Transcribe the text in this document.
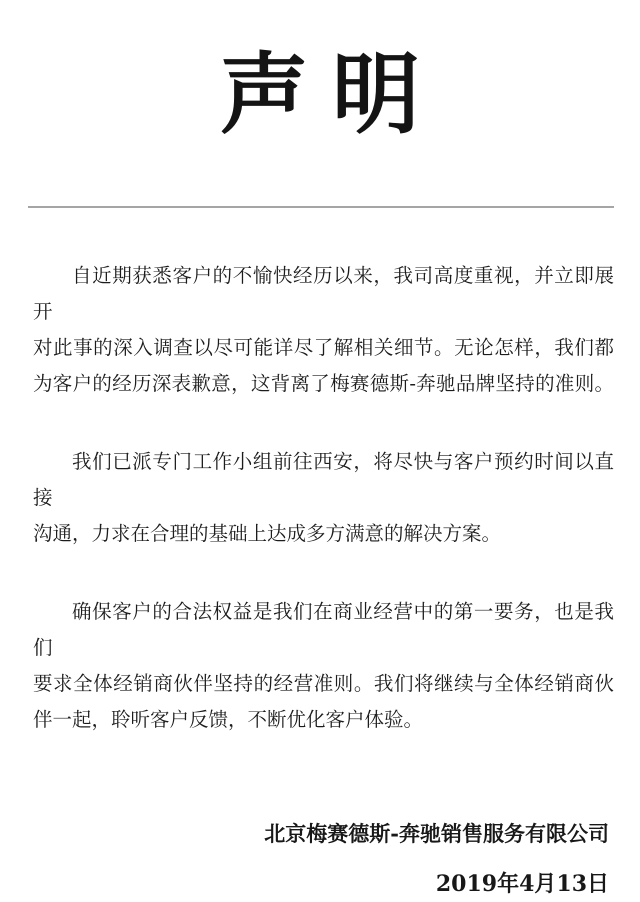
声明
自近期获悉客户的不愉快经历以来，我司高度重视，并立即展开
对此事的深入调查以尽可能详尽了解相关细节。无论怎样，我们都
为客户的经历深表歉意，这背离了梅赛德斯-奔驰品牌坚持的准则。
我们已派专门工作小组前往西安，将尽快与客户预约时间以直接
沟通，力求在合理的基础上达成多方满意的解决方案。
确保客户的合法权益是我们在商业经营中的第一要务，也是我们
要求全体经销商伙伴坚持的经营准则。我们将继续与全体经销商伙
伴一起，聆听客户反馈，不断优化客户体验。
北京梅赛德斯-奔驰销售服务有限公司
2019年4月13日
